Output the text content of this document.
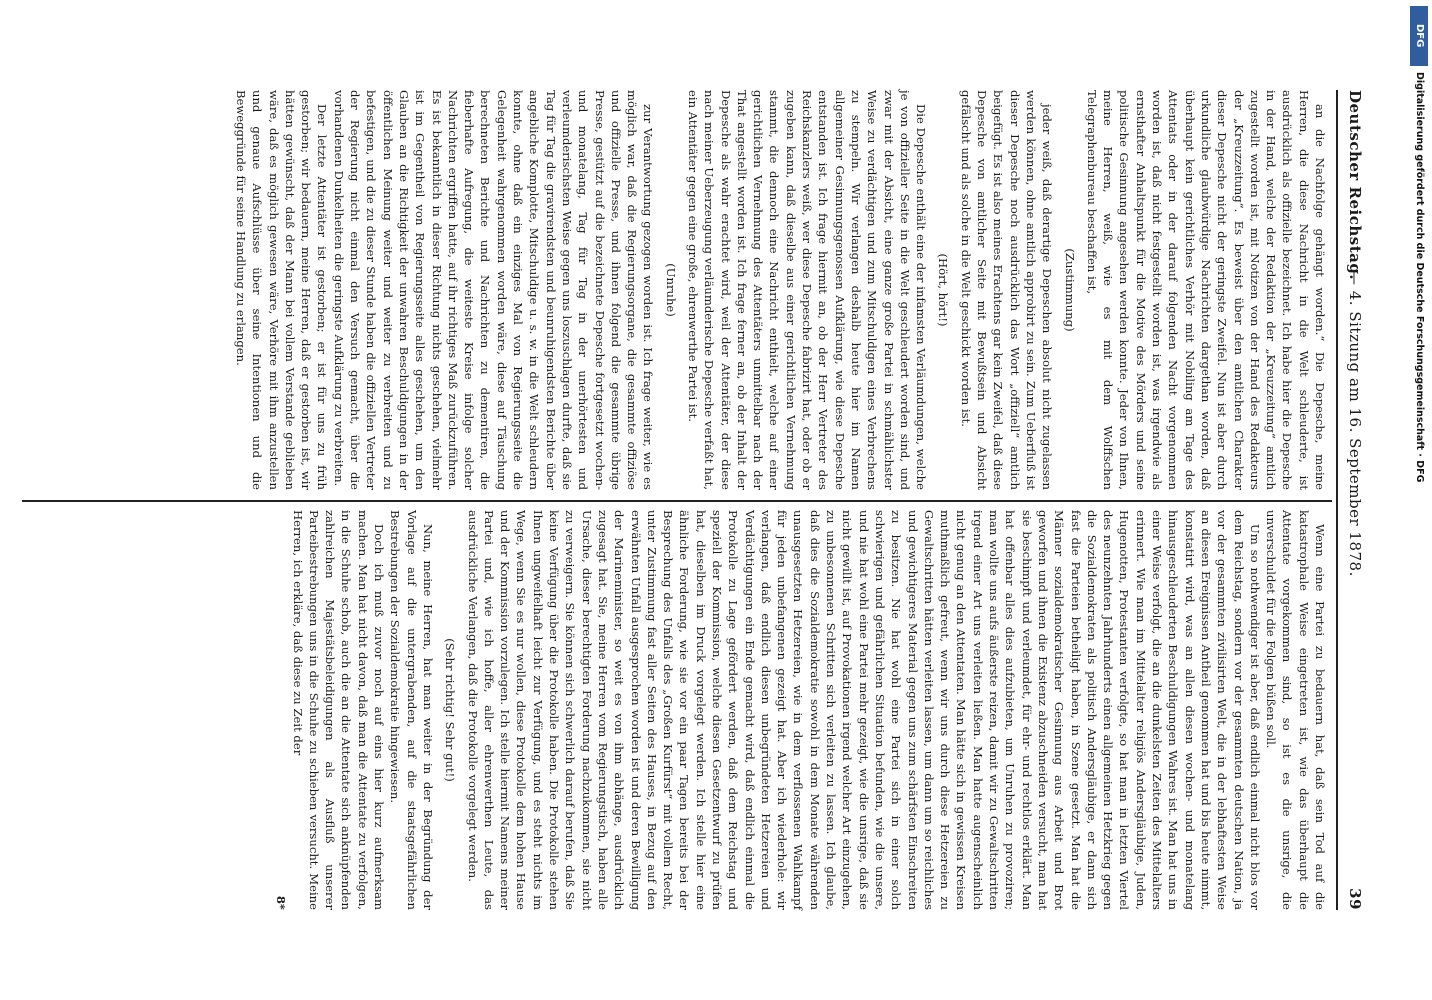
Deutscher Reichstag.
— 4. Sitzung am 16. September 1878.
39

an die Nachfolge gehängt worden.“ Die Depesche, meine Herren, die diese Nachricht in die Welt schleuderte, ist ausdrücklich als offizielle bezeichnet. Ich habe hier die Depesche in der Hand, welche der Redaktion der „Kreuzzeitung“ amtlich zugestellt worden ist, mit Notizen von der Hand des Redakteurs der „Kreuzzeitung“. Es beweist über den amtlichen Charakter dieser Depesche nicht der geringste Zweifel. Nun ist aber durch urkundliche glaubwürdige Nachrichten dargethan worden, daß überhaupt kein gerichtliches Verhör mit Nobiling am Tage des Attentats oder in der darauf folgenden Nacht vorgenommen worden ist, daß nicht festgestellt worden ist, was irgendwie als ernsthafter Anhaltspunkt für die Motive des Mörders und seine politische Gesinnung angesehen werden konnte. Jeder von Ihnen, meine Herren, weiß, wie es mit dem Wolffschen Telegraphenbureau beschaffen ist,

(Zustimmung)

jeder weiß, daß derartige Depeschen absolut nicht zugelassen werden können, ohne amtlich approbirt zu sein. Zum Ueberfluß ist dieser Depesche noch ausdrücklich das Wort „offiziell“ amtlich beigefügt. Es ist also meines Erachtens gar kein Zweifel, daß diese Depesche von amtlicher Seite mit Bewußtsein und Absicht gefälscht und als solche in die Welt geschickt worden ist.

(Hört, hört!)

Die Depesche enthält eine der infamsten Verläumdungen, welche je von offizieller Seite in die Welt geschleudert worden sind, und zwar mit der Absicht, eine ganze große Partei in schmählichster Weise zu verdächtigen und zum Mitschuldigen eines Verbrechens zu stempeln. Wir verlangen deshalb heute hier im Namen allgemeiner Gesinnungsgenossen Aufklärung, wie diese Depesche entstanden ist. Ich frage hiermit an, ob der Herr Vertreter des Reichskanzlers weiß, wer diese Depesche fabrizirt hat, oder ob er zugeben kann, daß dieselbe aus einer gerichtlichen Vernehmung stammt, die dennoch eine Nachricht enthielt, welche auf einer gerichtlichen Vernehmung des Attentäters unmittelbar nach der That angestellt worden ist. Ich frage ferner an, ob der Inhalt der Depesche als wahr erachtet wird, weil der Attentäter, der diese nach meiner Ueberzeugung verläumderische Depesche verfaßt hat, ein Attentäter gegen eine große, ehrenwerthe Partei ist.

(Unruhe)

zur Verantwortung gezogen worden ist. Ich frage weiter, wie es möglich war, daß die Regierungsorgane, die gesammte offiziöse und offizielle Presse, und ihnen folgend die gesammte übrige Presse, gestützt auf die bezeichnete Depesche fortgesetzt wochen- und monatelang, Tag für Tag in der unerhörtesten und verleumderischsten Weise gegen uns loszuschlagen durfte, daß sie Tag für Tag die gravirendsten und beunruhigendsten Berichte über angebliche Komplotte, Mitschuldige u. s. w. in die Welt schleudern konnte, ohne daß ein einziges Mal von Regierungsseite die Gelegenheit wahrgenommen worden wäre, diese auf Täuschung berechneten Berichte und Nachrichten zu dementiren, die fieberhafte Aufregung, die weiteste Kreise infolge solcher Nachrichten ergriffen hatte, auf ihr richtiges Maß zurückzuführen. Es ist bekanntlich in dieser Richtung nichts geschehen, vielmehr ist im Gegentheil von Regierungsseite alles geschehen, um den Glauben an die Richtigkeit der unwahren Beschuldigungen in der öffentlichen Meinung weiter und weiter zu verbreiten und zu befestigen, und die zu dieser Stunde haben die offiziellen Vertreter der Regierung nicht einmal den Versuch gemacht, über die vorhandenen Dunkelheiten die geringste Aufklärung zu verbreiten.

Der letzte Attentäter ist gestorben; er ist für uns zu früh gestorben; wir bedauern, meine Herren, daß er gestorben ist, wir hätten gewünscht, daß der Mann bei vollem Verstande geblieben wäre, daß es möglich gewesen wäre, Verhöre mit ihm anzustellen und genaue Aufschlüsse über seine Intentionen und die Beweggründe für seine Handlung zu erlangen.

Wenn eine Partei zu bedauern hat, daß sein Tod auf die katastrophale Weise eingetreten ist, wie das überhaupt die Attentate vorgekommen sind, so ist es die unsrige, die unverschuldet für die Folgen büßen soll.

Um so nothwendiger ist aber, daß endlich einmal nicht blos vor dem Reichstag, sondern vor der gesammten deutschen Nation, ja vor der gesammten zivilisirten Welt, die in der lebhaftesten Weise an diesen Ereignissen Antheil genommen hat und bis heute nimmt, konstatirt wird, was an allen diesen wochen- und monatelang hinausgeschleuderten Beschuldigungen Wahres ist. Man hat uns in einer Weise verfolgt, die an die dunkelsten Zeiten des Mittelalters erinnert. Wie man im Mittelalter religiös Andersgläubige, Juden, Hugenotten, Protestanten verfolgte, so hat man in letzten Viertel des neunzehnten Jahrhunderts einen allgemeinen Hetzkrieg gegen die Sozialdemokraten als politisch Andersgläubige, er dann sich fast die Parteien betheiligt haben, in Szene gesetzt. Man hat die Männer sozialdemokratischer Gesinnung aus Arbeit und Brot geworfen und ihnen die Existenz abzuschneiden versucht, man hat sie beschimpft und verleumdet, für ehr- und rechtlos erklärt. Man hat offenbar alles dies aufzubieten, um Unruhen zu provoziren; man wollte uns aufs äußerste reizen, damit wir zu Gewaltschritten irgend einer Art uns verleiten ließen. Man hatte augenscheinlich nicht genug an den Attentaten. Man hätte sich in gewissen Kreisen muthmaßlich gefreut, wenn wir uns durch diese Hetzereien zu Gewaltschritten hätten verleiten lassen, um dann um so reichliches und gewichtigeres Material gegen uns zum schärfsten Einschreiten zu besitzen. Nie hat wohl eine Partei sich in einer solch schwierigen und gefährlichen Situation befunden, wie die unsere, und nie hat wohl eine Partei mehr gezeigt, wie die unsrige, daß sie nicht gewillt ist, auf Provokationen irgend welcher Art einzugehen, zu unbesonnenen Schritten sich verleiten zu lassen. Ich glaube, daß dies die Sozialdemokratie sowohl in dem Monate währenden unausgesetzten Hetzereien, wie in dem verflossenen Wahlkampf für jeden unbefangenen gezeigt hat. Aber ich wiederhole: wir verlangen, daß endlich diesen unbegründeten Hetzereien und Verdächtigungen ein Ende gemacht wird, daß endlich einmal die Protokolle zu Lage gefördert werden, daß dem Reichstag und speziell der Kommission, welche diesen Gesetzentwurf zu prüfen hat, dieselben im Druck vorgelegt werden. Ich stelle hier eine ähnliche Forderung, wie sie vor ein paar Tagen bereits bei der Besprechung des Unfalls des „Großen Kurfürst“ mit vollem Recht, unter Zustimmung fast aller Seiten des Hauses, in Bezug auf den erwähnten Unfall ausgesprochen worden ist und deren Bewilligung der Marineminister, so weit es von ihm abhänge, ausdrücklich zugesagt hat. Sie, meine Herren vom Regierungstisch, haben alle Ursache, dieser berechtigten Forderung nachzukommen, sie nicht zu verweigern. Sie können sich schwerlich darauf berufen, daß Sie keine Verfügung über die Protokolle haben. Die Protokolle stehen Ihnen ungweifelhaft leicht zur Verfügung, und es steht nichts im Wege, wenn Sie es nur wollen, diese Protokolle dem hohen Hause und der Kommission vorzulegen. Ich stelle hiermit Namens meiner Partei und, wie ich hoffe, aller ehrenwerthen Leute, das ausdrückliche Verlangen, daß die Protokolle vorgelegt werden.

(Sehr richtig! Sehr gut!)

Nun, meine Herren, hat man weiter in der Begründung der Vorlage auf die untergrabenden, auf die staatsgefährlichen Bestrebungen der Sozialdemokratie hingewiesen.

Doch ich muß zuvor noch auf eins hier kurz aufmerksam machen. Man hat nicht davon, daß man die Attentate zu verfolgen, in die Schuhe schob, auch die an die Attentate sich anknüpfenden zahlreichen Majestätsbeleidigungen als Ausfluß unserer Parteibestrebungen uns in die Schuhe zu schieben versucht. Meine Herren, ich erkläre, daß diese zu Zeit der

8*

DFG
Digitalisierung gefördert durch die Deutsche Forschungsgemeinschaft · DFG
